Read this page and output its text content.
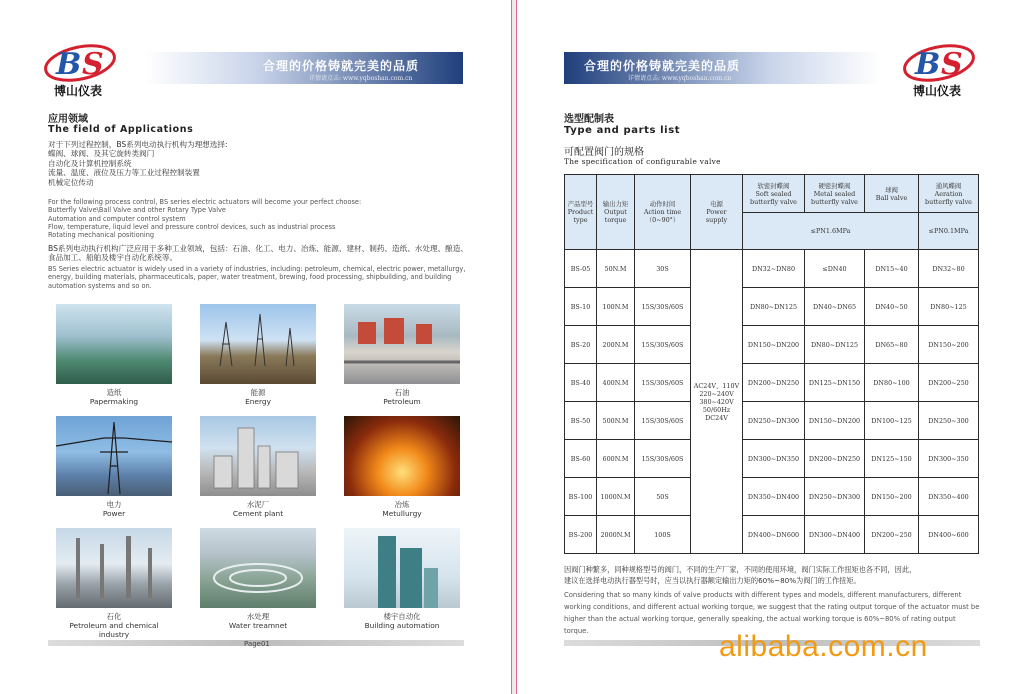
B S
博山仪表
合理的价格铸就完美的品质
详情请点击: www.yqboshan.com.cn
应用领域
The field of Applications
对于下列过程控制，BS系列电动执行机构为理想选择:
蝶阀、球阀、及其它旋转类阀门
自动化及计算机控制系统
流量、温度、液位及压力等工业过程控制装置
机械定位传动
For the following process control, BS series electric actuators will become your perfect choose:
Butterfly Valve\Ball Valve and other Rotary Type Valve
Automation and computer control system
Flow, temperature, liquid level and pressure control devices, such as industrial process
Rotating mechanical positioning
BS系列电动执行机构广泛应用于多种工业领域，包括：石油、化工、电力、冶炼、能源、建材、制药、造纸、水处理、酿造、食品加工、船舶及楼宇自动化系统等。
BS Series electric actuator is widely used in a variety of industries, including: petroleum, chemical, electric power, metallurgy,
energy, building materials, pharmaceuticals, paper, water treatment, brewing, food processing, shipbuilding, and building
automation systems and so on.
造纸
Papermaking
能源
Energy
石油
Petroleum
电力
Power
水泥厂
Cement plant
冶炼
Metullurgy
石化
Petroleum and chemical industry
水处理
Water treamnet
楼宇自动化
Building automation
Page01
合理的价格铸就完美的品质
详情请点击: www.yqboshan.com.cn	B S
博山仪表
选型配制表
Type and parts list
可配置阀门的规格
The specification of configurable valve
产品型号
Product
type	输出力矩
Output
torque	动作时间
Action time
（0~90°）	电源
Power
supply	软密封蝶阀
Soft sealed
butterfly valve	硬密封蝶阀
Metal sealed
butterfly valve	球阀
Ball valve	通风蝶阀
Aeration
butterfly valve
				≤PN1.6MPa			≤PN0.1MPa
BS-05	50N.M	30S	AC24V、110V
220~240V
380~420V
50/60Hz
DC24V	DN32~DN80	≤DN40	DN15~40	DN32~80
BS-10	100N.M	15S/30S/60S		DN80~DN125	DN40~DN65	DN40~50	DN80~125
BS-20	200N.M	15S/30S/60S		DN150~DN200	DN80~DN125	DN65~80	DN150~200
BS-40	400N.M	15S/30S/60S		DN200~DN250	DN125~DN150	DN80~100	DN200~250
BS-50	500N.M	15S/30S/60S		DN250~DN300	DN150~DN200	DN100~125	DN250~300
BS-60	600N.M	15S/30S/60S		DN300~DN350	DN200~DN250	DN125~150	DN300~350
BS-100	1000N.M	50S		DN350~DN400	DN250~DN300	DN150~200	DN350~400
BS-200	2000N.M	100S		DN400~DN600	DN300~DN400	DN200~250	DN400~600
因阀门种繁多，同种规格型号的阀门，不同的生产厂家，不同的使用环境，阀门实际工作扭矩也各不同，因此，
建议在选择电动执行器型号时，应当以执行器额定输出力矩的60%~80%为阀门的工作扭矩。
Considering that so many kinds of valve products with different types and models, different manufacturers, different
working conditions, and different actual working torque, we suggest that the rating output torque of the actuator must be
higher than the actual working torque, generally speaking, the actual working torque is 60%~80% of rating output torque.	alibaba.com.cn
